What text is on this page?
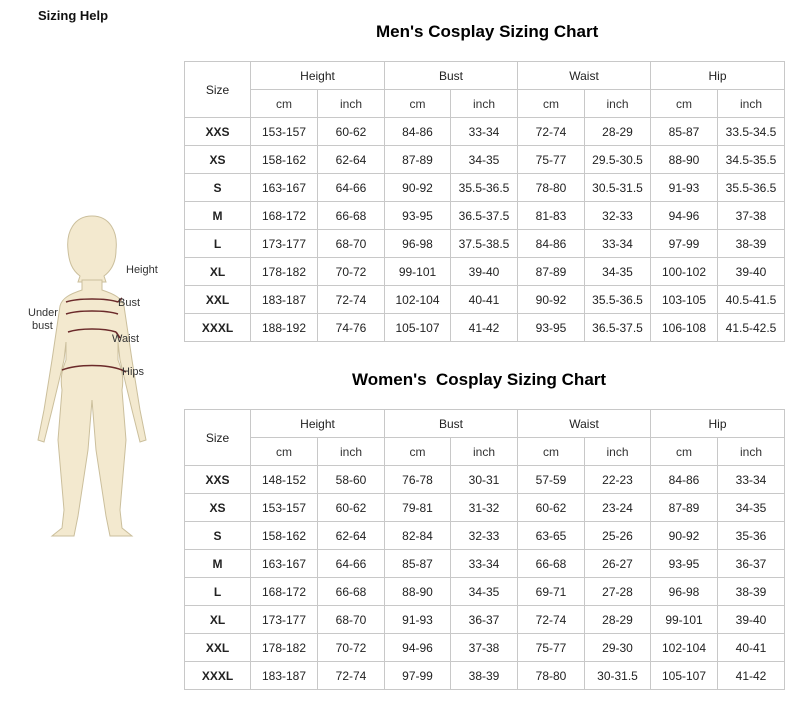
Sizing Help
Men's Cosplay Sizing Chart
Women's  Cosplay Sizing Chart
Height
Bust
Under
bust
Waist
Hips
Size	Height		Bust		Waist		Hip	
	cm	inch	cm	inch	cm	inch	cm	inch
XXS	153-157	60-62	84-86	33-34	72-74	28-29	85-87	33.5-34.5
XS	158-162	62-64	87-89	34-35	75-77	29.5-30.5	88-90	34.5-35.5
S	163-167	64-66	90-92	35.5-36.5	78-80	30.5-31.5	91-93	35.5-36.5
M	168-172	66-68	93-95	36.5-37.5	81-83	32-33	94-96	37-38
L	173-177	68-70	96-98	37.5-38.5	84-86	33-34	97-99	38-39
XL	178-182	70-72	99-101	39-40	87-89	34-35	100-102	39-40
XXL	183-187	72-74	102-104	40-41	90-92	35.5-36.5	103-105	40.5-41.5
XXXL	188-192	74-76	105-107	41-42	93-95	36.5-37.5	106-108	41.5-42.5
Size	Height		Bust		Waist		Hip	
	cm	inch	cm	inch	cm	inch	cm	inch
XXS	148-152	58-60	76-78	30-31	57-59	22-23	84-86	33-34
XS	153-157	60-62	79-81	31-32	60-62	23-24	87-89	34-35
S	158-162	62-64	82-84	32-33	63-65	25-26	90-92	35-36
M	163-167	64-66	85-87	33-34	66-68	26-27	93-95	36-37
L	168-172	66-68	88-90	34-35	69-71	27-28	96-98	38-39
XL	173-177	68-70	91-93	36-37	72-74	28-29	99-101	39-40
XXL	178-182	70-72	94-96	37-38	75-77	29-30	102-104	40-41
XXXL	183-187	72-74	97-99	38-39	78-80	30-31.5	105-107	41-42
